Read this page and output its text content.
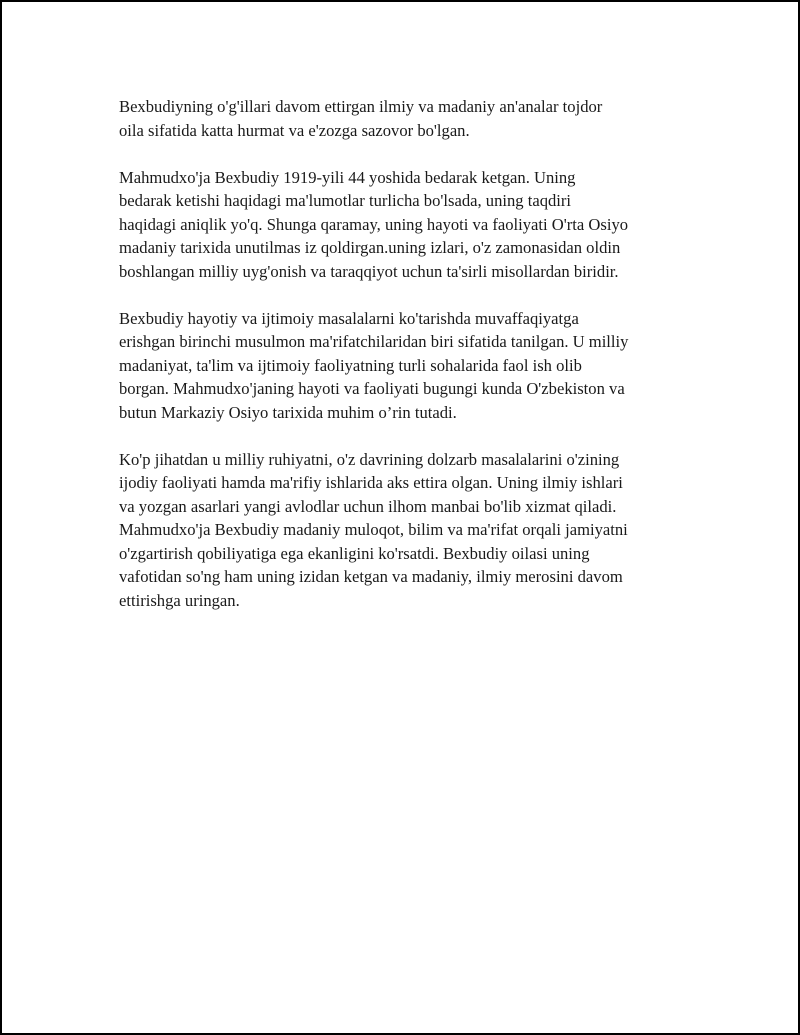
Bexbudiyning o'g'illari davom ettirgan ilmiy va madaniy an'analar tojdor
oila sifatida katta hurmat va e'zozga sazovor bo'lgan.

Mahmudxo'ja Bexbudiy 1919-yili 44 yoshida bedarak ketgan. Uning
bedarak ketishi haqidagi ma'lumotlar turlicha bo'lsada, uning taqdiri
haqidagi aniqlik yo'q. Shunga qaramay, uning hayoti va faoliyati O'rta Osiyo
madaniy tarixida unutilmas iz qoldirgan.uning izlari, o'z zamonasidan oldin
boshlangan milliy uyg'onish va taraqqiyot uchun ta'sirli misollardan biridir.

Bexbudiy hayotiy va ijtimoiy masalalarni ko'tarishda muvaffaqiyatga
erishgan birinchi musulmon ma'rifatchilaridan biri sifatida tanilgan. U milliy
madaniyat, ta'lim va ijtimoiy faoliyatning turli sohalarida faol ish olib
borgan. Mahmudxo'janing hayoti va faoliyati bugungi kunda O'zbekiston va
butun Markaziy Osiyo tarixida muhim o’rin tutadi.

Ko'p jihatdan u milliy ruhiyatni, o'z davrining dolzarb masalalarini o'zining
ijodiy faoliyati hamda ma'rifiy ishlarida aks ettira olgan. Uning ilmiy ishlari
va yozgan asarlari yangi avlodlar uchun ilhom manbai bo'lib xizmat qiladi.
Mahmudxo'ja Bexbudiy madaniy muloqot, bilim va ma'rifat orqali jamiyatni
o'zgartirish qobiliyatiga ega ekanligini ko'rsatdi. Bexbudiy oilasi uning
vafotidan so'ng ham uning izidan ketgan va madaniy, ilmiy merosini davom
ettirishga uringan.
